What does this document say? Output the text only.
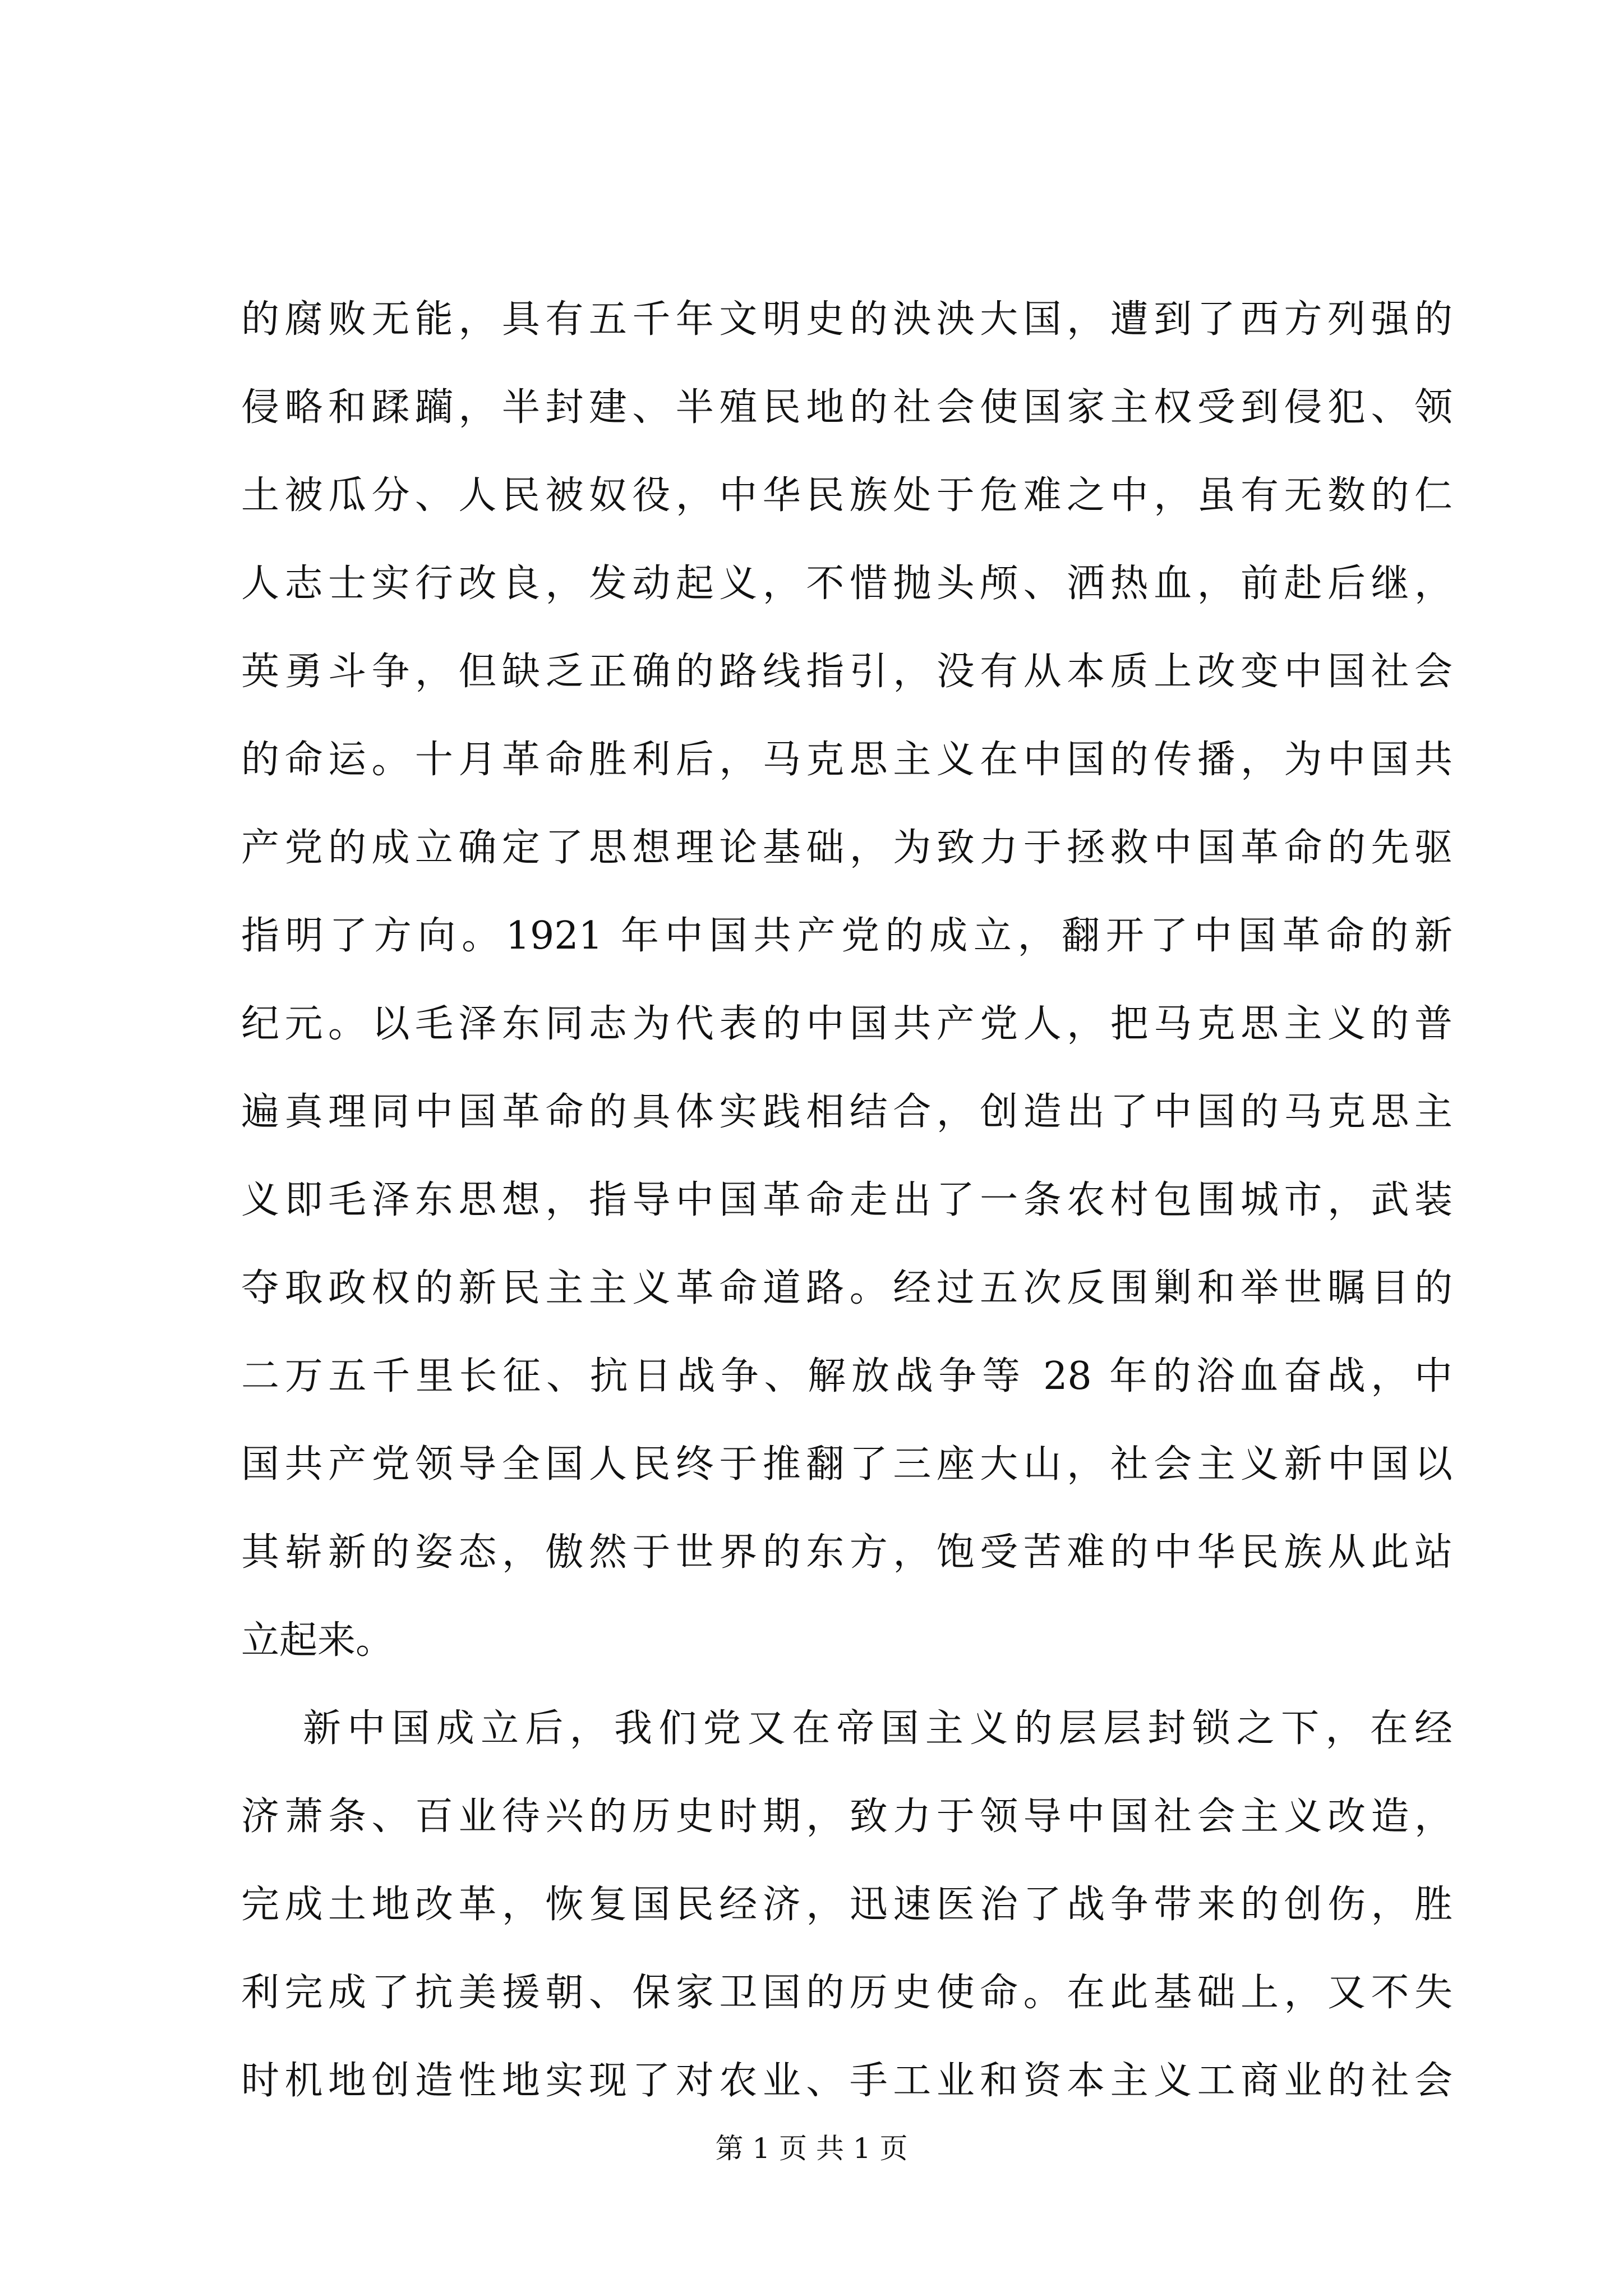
的腐败无能，具有五千年文明史的泱泱大国，遭到了西方列强的
侵略和蹂躏，半封建、半殖民地的社会使国家主权受到侵犯、领
土被瓜分、人民被奴役，中华民族处于危难之中，虽有无数的仁
人志士实行改良，发动起义，不惜抛头颅、洒热血，前赴后继，
英勇斗争，但缺乏正确的路线指引，没有从本质上改变中国社会
的命运。十月革命胜利后，马克思主义在中国的传播，为中国共
产党的成立确定了思想理论基础，为致力于拯救中国革命的先驱
指明了方向。1921 年中国共产党的成立，翻开了中国革命的新
纪元。以毛泽东同志为代表的中国共产党人，把马克思主义的普
遍真理同中国革命的具体实践相结合，创造出了中国的马克思主
义即毛泽东思想，指导中国革命走出了一条农村包围城市，武装
夺取政权的新民主主义革命道路。经过五次反围剿和举世瞩目的
二万五千里长征、抗日战争、解放战争等 28 年的浴血奋战，中
国共产党领导全国人民终于推翻了三座大山，社会主义新中国以
其崭新的姿态，傲然于世界的东方，饱受苦难的中华民族从此站
立起来。
新中国成立后，我们党又在帝国主义的层层封锁之下，在经
济萧条、百业待兴的历史时期，致力于领导中国社会主义改造，
完成土地改革，恢复国民经济，迅速医治了战争带来的创伤，胜
利完成了抗美援朝、保家卫国的历史使命。在此基础上，又不失
时机地创造性地实现了对农业、手工业和资本主义工商业的社会
第 1 页 共 1 页
